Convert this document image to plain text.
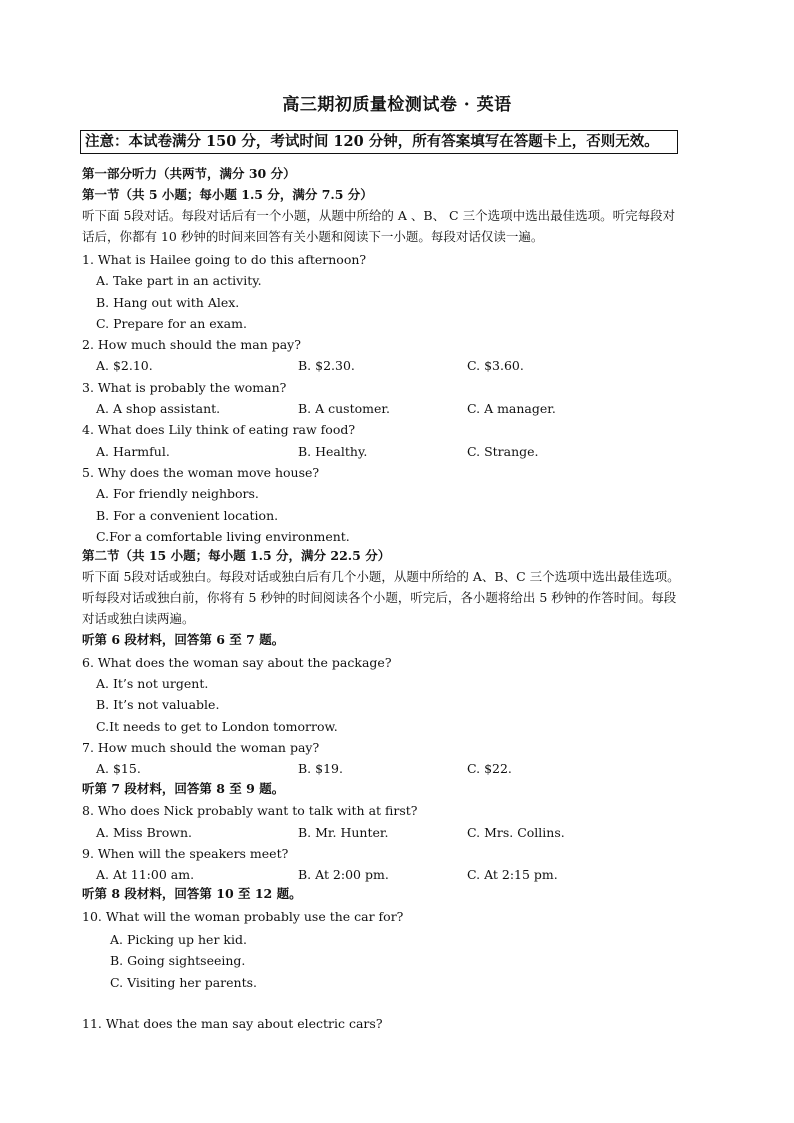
高三期初质量检测试卷 · 英语
注意：本试卷满分 150 分，考试时间 120 分钟，所有答案填写在答题卡上，否则无效。
第一部分听力（共两节，满分 30 分）
第一节（共 5 小题；每小题 1.5 分，满分 7.5 分）
听下面 5段对话。每段对话后有一个小题，从题中所给的 A 、B、 C 三个选项中选出最佳选项。听完每段对话后，你都有 10 秒钟的时间来回答有关小题和阅读下一小题。每段对话仅读一遍。
1. What is Hailee going to do this afternoon?
A. Take part in an activity.
B. Hang out with Alex.
C. Prepare for an exam.
2. How much should the man pay?
A. $2.10.	B. $2.30.	C. $3.60.
3. What is probably the woman?
A. A shop assistant.	B. A customer.	C. A manager.
4. What does Lily think of eating raw food?
A. Harmful.	B. Healthy.	C. Strange.
5. Why does the woman move house?
A. For friendly neighbors.
B. For a convenient location.
C.For a comfortable living environment.
第二节（共 15 小题；每小题 1.5 分，满分 22.5 分）
听下面 5段对话或独白。每段对话或独白后有几个小题，从题中所给的 A、B、C 三个选项中选出最佳选项。听每段对话或独白前，你将有 5 秒钟的时间阅读各个小题，听完后，各小题将给出 5 秒钟的作答时间。每段对话或独白读两遍。
听第 6 段材料，回答第 6 至 7 题。
6. What does the woman say about the package?
A. It’s not urgent.
B. It’s not valuable.
C.It needs to get to London tomorrow.
7. How much should the woman pay?
A. $15.	B. $19.	C. $22.
听第 7 段材料，回答第 8 至 9 题。
8. Who does Nick probably want to talk with at first?
A. Miss Brown.	B. Mr. Hunter.	C. Mrs. Collins.
9. When will the speakers meet?
A. At 11:00 am.	B. At 2:00 pm.	C. At 2:15 pm.
听第 8 段材料，回答第 10 至 12 题。
10. What will the woman probably use the car for?
A. Picking up her kid.
B. Going sightseeing.
C. Visiting her parents.
11. What does the man say about electric cars?
